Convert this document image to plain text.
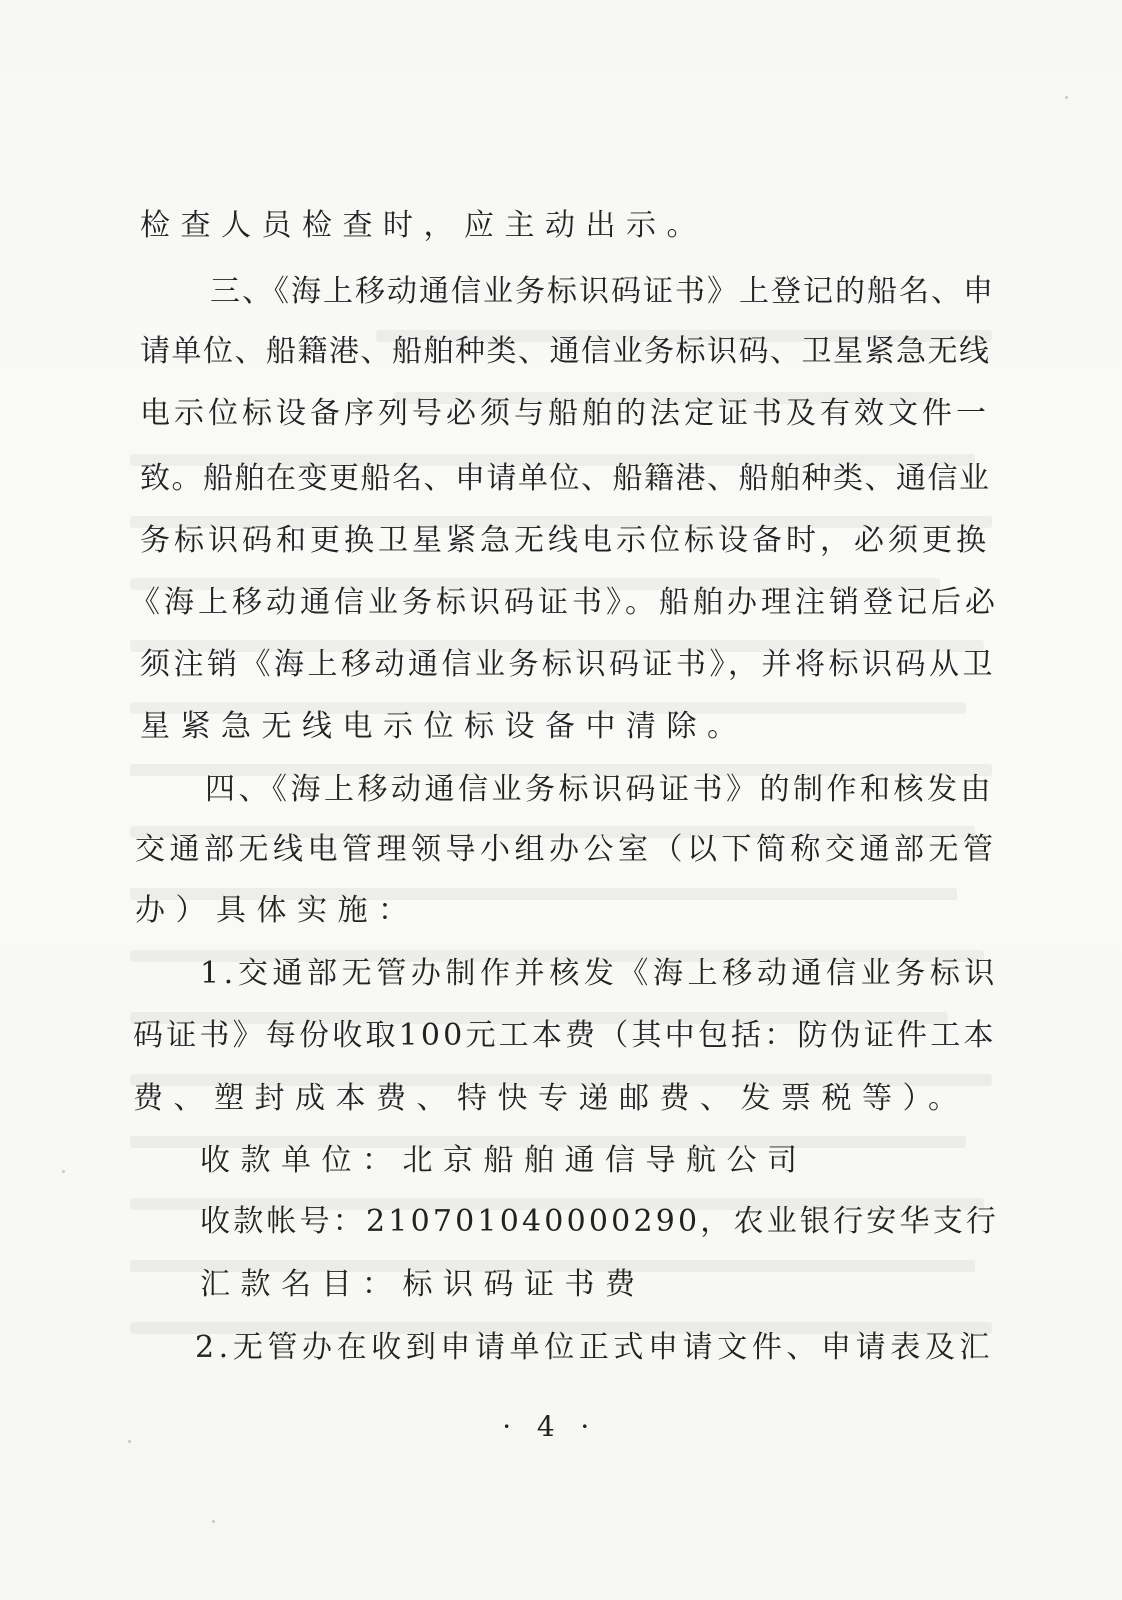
检查人员检查时，应主动出示。
三、《海上移动通信业务标识码证书》上登记的船名、申
请单位、船籍港、船舶种类、通信业务标识码、卫星紧急无线
电示位标设备序列号必须与船舶的法定证书及有效文件一
致。船舶在变更船名、申请单位、船籍港、船舶种类、通信业
务标识码和更换卫星紧急无线电示位标设备时，必须更换
《海上移动通信业务标识码证书》。船舶办理注销登记后必
须注销《海上移动通信业务标识码证书》，并将标识码从卫
星紧急无线电示位标设备中清除。
四、《海上移动通信业务标识码证书》的制作和核发由
交通部无线电管理领导小组办公室（以下简称交通部无管
办）具体实施：
1.交通部无管办制作并核发《海上移动通信业务标识
码证书》每份收取100元工本费（其中包括：防伪证件工本
费、塑封成本费、特快专递邮费、发票税等）。
收款单位：北京船舶通信导航公司
收款帐号：210701040000290，农业银行安华支行
汇款名目：标识码证书费
2.无管办在收到申请单位正式申请文件、申请表及汇
· 4 ·
